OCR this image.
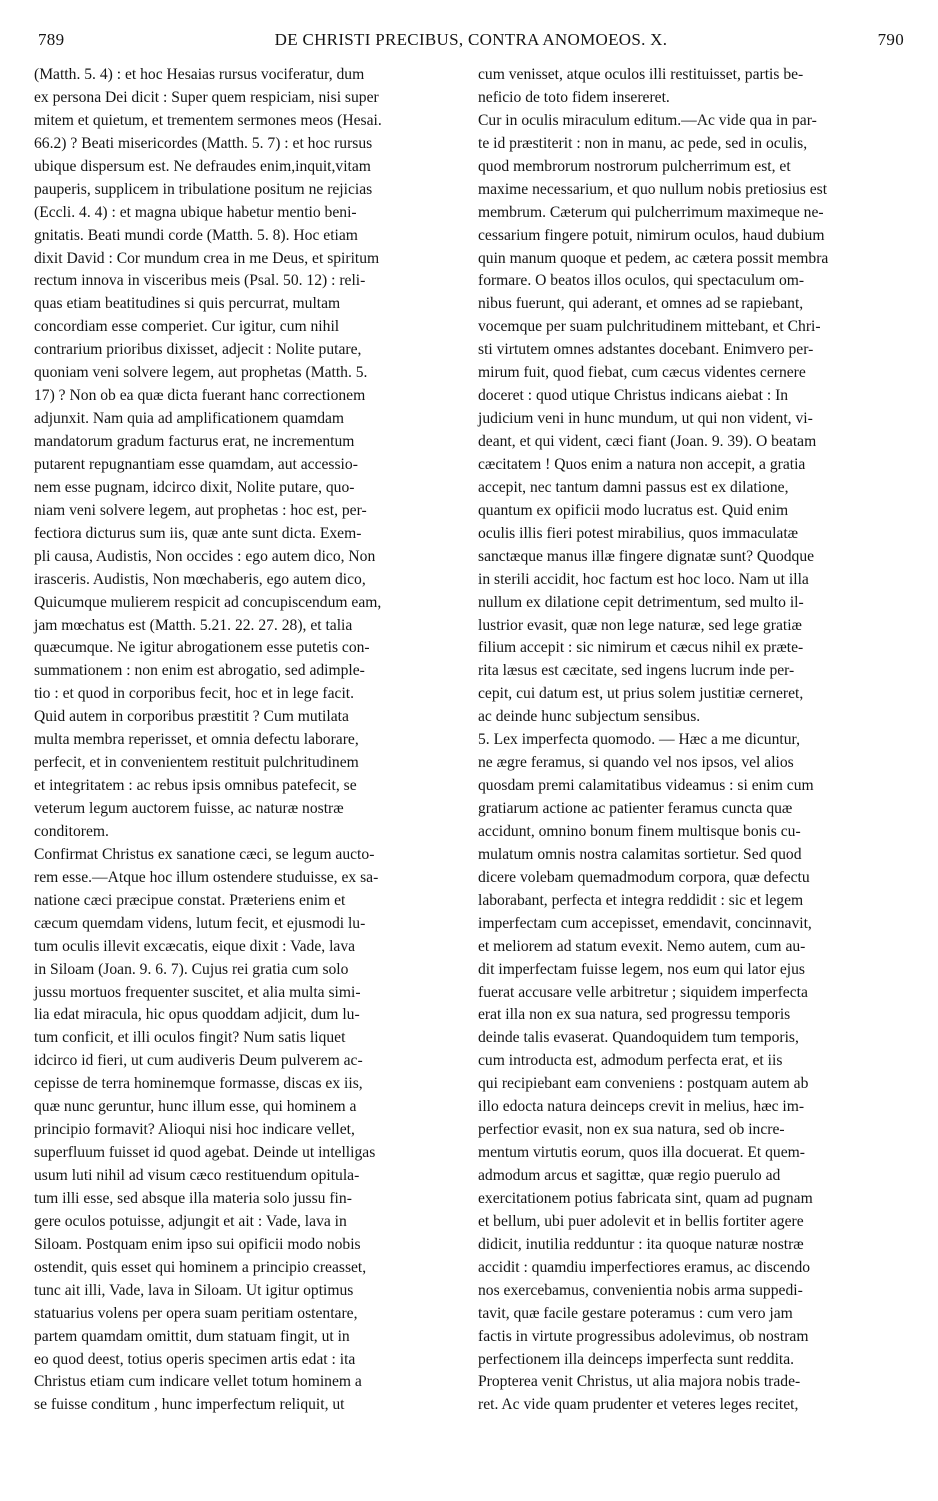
789	DE CHRISTI PRECIBUS, CONTRA ANOMOEOS. X.	790
(Matth. 5. 4) : et hoc Hesaias rursus vociferatur, dum
ex persona Dei dicit : Super quem respiciam, nisi super
mitem et quietum, et trementem sermones meos (Hesai.
66.2) ? Beati misericordes (Matth. 5. 7) : et hoc rursus
ubique dispersum est. Ne defraudes enim,inquit,vitam
pauperis, supplicem in tribulatione positum ne rejicias
(Eccli. 4. 4) : et magna ubique habetur mentio beni-
gnitatis. Beati mundi corde (Matth. 5. 8). Hoc etiam
dixit David : Cor mundum crea in me Deus, et spiritum
rectum innova in visceribus meis (Psal. 50. 12) : reli-
quas etiam beatitudines si quis percurrat, multam
concordiam esse comperiet. Cur igitur, cum nihil
contrarium prioribus dixisset, adjecit : Nolite putare,
quoniam veni solvere legem, aut prophetas (Matth. 5.
17) ? Non ob ea quæ dicta fuerant hanc correctionem
adjunxit. Nam quia ad amplificationem quamdam
mandatorum gradum facturus erat, ne incrementum
putarent repugnantiam esse quamdam, aut accessio-
nem esse pugnam, idcirco dixit, Nolite putare, quo-
niam veni solvere legem, aut prophetas : hoc est, per-
fectiora dicturus sum iis, quæ ante sunt dicta. Exem-
pli causa, Audistis, Non occides : ego autem dico, Non
irasceris. Audistis, Non mœchaberis, ego autem dico,
Quicumque mulierem respicit ad concupiscendum eam,
jam mœchatus est (Matth. 5.21. 22. 27. 28), et talia
quæcumque. Ne igitur abrogationem esse putetis con-
summationem : non enim est abrogatio, sed adimple-
tio : et quod in corporibus fecit, hoc et in lege facit.
Quid autem in corporibus præstitit ? Cum mutilata
multa membra reperisset, et omnia defectu laborare,
perfecit, et in convenientem restituit pulchritudinem
et integritatem : ac rebus ipsis omnibus patefecit, se
veterum legum auctorem fuisse, ac naturæ nostræ
conditorem.
Confirmat Christus ex sanatione cæci, se legum aucto-
rem esse.—Atque hoc illum ostendere studuisse, ex sa-
natione cæci præcipue constat. Præteriens enim et
cæcum quemdam videns, lutum fecit, et ejusmodi lu-
tum oculis illevit excæcatis, eique dixit : Vade, lava
in Siloam (Joan. 9. 6. 7). Cujus rei gratia cum solo
jussu mortuos frequenter suscitet, et alia multa simi-
lia edat miracula, hic opus quoddam adjicit, dum lu-
tum conficit, et illi oculos fingit? Num satis liquet
idcirco id fieri, ut cum audiveris Deum pulverem ac-
cepisse de terra hominemque formasse, discas ex iis,
quæ nunc geruntur, hunc illum esse, qui hominem a
principio formavit? Alioqui nisi hoc indicare vellet,
superfluum fuisset id quod agebat. Deinde ut intelligas
usum luti nihil ad visum cæco restituendum opitula-
tum illi esse, sed absque illa materia solo jussu fin-
gere oculos potuisse, adjungit et ait : Vade, lava in
Siloam. Postquam enim ipso sui opificii modo nobis
ostendit, quis esset qui hominem a principio creasset,
tunc ait illi, Vade, lava in Siloam. Ut igitur optimus
statuarius volens per opera suam peritiam ostentare,
partem quamdam omittit, dum statuam fingit, ut in
eo quod deest, totius operis specimen artis edat : ita
Christus etiam cum indicare vellet totum hominem a
se fuisse conditum , hunc imperfectum reliquit, ut
cum venisset, atque oculos illi restituisset, partis be-
neficio de toto fidem insereret.
Cur in oculis miraculum editum.—Ac vide qua in par-
te id præstiterit : non in manu, ac pede, sed in oculis,
quod membrorum nostrorum pulcherrimum est, et
maxime necessarium, et quo nullum nobis pretiosius est
membrum. Cæterum qui pulcherrimum maximeque ne-
cessarium fingere potuit, nimirum oculos, haud dubium
quin manum quoque et pedem, ac cætera possit membra
formare. O beatos illos oculos, qui spectaculum om-
nibus fuerunt, qui aderant, et omnes ad se rapiebant,
vocemque per suam pulchritudinem mittebant, et Chri-
sti virtutem omnes adstantes docebant. Enimvero per-
mirum fuit, quod fiebat, cum cæcus videntes cernere
doceret : quod utique Christus indicans aiebat : In
judicium veni in hunc mundum, ut qui non vident, vi-
deant, et qui vident, cæci fiant (Joan. 9. 39). O beatam
cæcitatem ! Quos enim a natura non accepit, a gratia
accepit, nec tantum damni passus est ex dilatione,
quantum ex opificii modo lucratus est. Quid enim
oculis illis fieri potest mirabilius, quos immaculatæ
sanctæque manus illæ fingere dignatæ sunt? Quodque
in sterili accidit, hoc factum est hoc loco. Nam ut illa
nullum ex dilatione cepit detrimentum, sed multo il-
lustrior evasit, quæ non lege naturæ, sed lege gratiæ
filium accepit : sic nimirum et cæcus nihil ex præte-
rita læsus est cæcitate, sed ingens lucrum inde per-
cepit, cui datum est, ut prius solem justitiæ cerneret,
ac deinde hunc subjectum sensibus.
5. Lex imperfecta quomodo. — Hæc a me dicuntur,
ne ægre feramus, si quando vel nos ipsos, vel alios
quosdam premi calamitatibus videamus : si enim cum
gratiarum actione ac patienter feramus cuncta quæ
accidunt, omnino bonum finem multisque bonis cu-
mulatum omnis nostra calamitas sortietur. Sed quod
dicere volebam quemadmodum corpora, quæ defectu
laborabant, perfecta et integra reddidit : sic et legem
imperfectam cum accepisset, emendavit, concinnavit,
et meliorem ad statum evexit. Nemo autem, cum au-
dit imperfectam fuisse legem, nos eum qui lator ejus
fuerat accusare velle arbitretur ; siquidem imperfecta
erat illa non ex sua natura, sed progressu temporis
deinde talis evaserat. Quandoquidem tum temporis,
cum introducta est, admodum perfecta erat, et iis
qui recipiebant eam conveniens : postquam autem ab
illo edocta natura deinceps crevit in melius, hæc im-
perfectior evasit, non ex sua natura, sed ob incre-
mentum virtutis eorum, quos illa docuerat. Et quem-
admodum arcus et sagittæ, quæ regio puerulo ad
exercitationem potius fabricata sint, quam ad pugnam
et bellum, ubi puer adolevit et in bellis fortiter agere
didicit, inutilia redduntur : ita quoque naturæ nostræ
accidit : quamdiu imperfectiores eramus, ac discendo
nos exercebamus, convenientia nobis arma suppedi-
tavit, quæ facile gestare poteramus : cum vero jam
factis in virtute progressibus adolevimus, ob nostram
perfectionem illa deinceps imperfecta sunt reddita.
Propterea venit Christus, ut alia majora nobis trade-
ret. Ac vide quam prudenter et veteres leges recitet,
